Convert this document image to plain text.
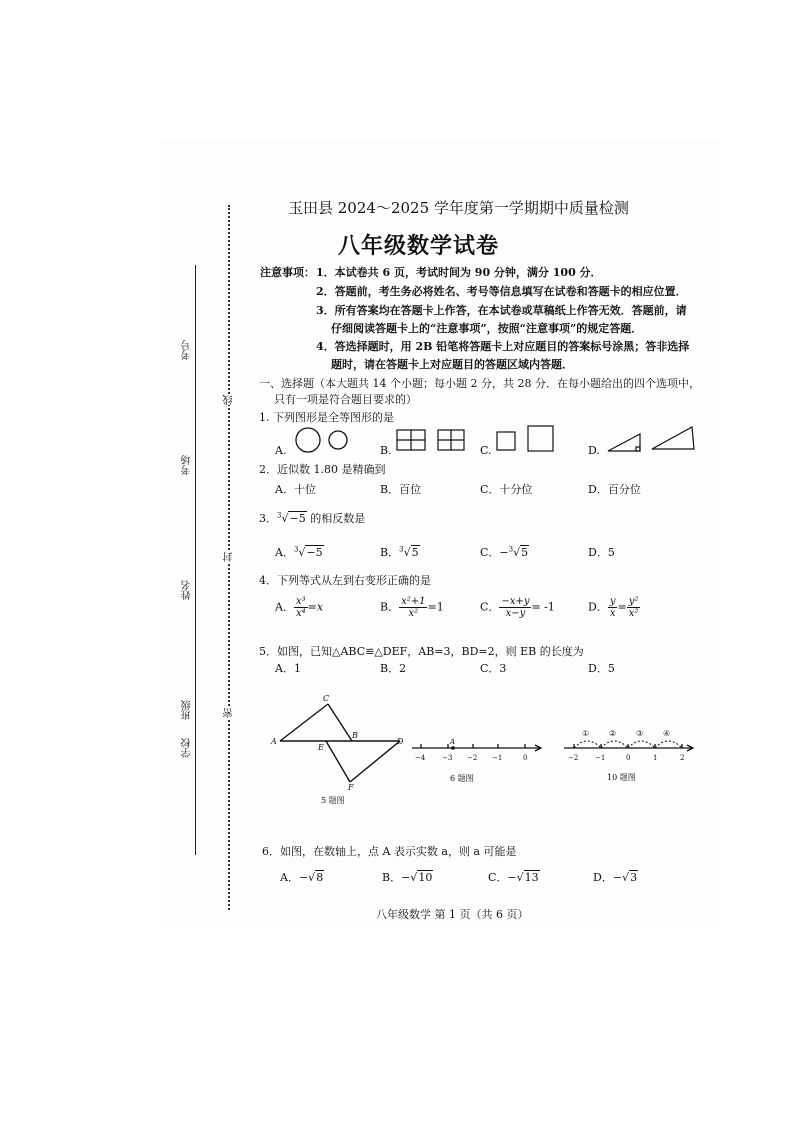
考号
考场
姓名
班级
学校
线
封
密
玉田县 2024～2025 学年度第一学期期中质量检测
八年级数学试卷
注意事项： 1．本试卷共 6 页，考试时间为 90 分钟，满分 100 分．
2．答题前，考生务必将姓名、考号等信息填写在试卷和答题卡的相应位置．
3．所有答案均在答题卡上作答，在本试卷或草稿纸上作答无效．答题前，请
仔细阅读答题卡上的“注意事项”，按照“注意事项”的规定答题．
4．答选择题时，用 2B 铅笔将答题卡上对应题目的答案标号涂黑；答非选择
题时，请在答题卡上对应题目的答题区域内答题．
一、选择题（本大题共 14 个小题；每小题 2 分，共 28 分．在每小题给出的四个选项中，
只有一项是符合题目要求的）
1. 下列图形是全等图形的是
A.	B.	C.	D.
2．近似数 1.80 是精确到
A．十位	B．百位	C．十分位	D．百分位
3．$^3$√−5 的相反数是
A．$^3$√−5	B．$^3$√5	C．−$^3$√5	D．5
4．下列等式从左到右变形正确的是
A． $\frac{\text{x³}}{\text{x⁴}} =x$	B． $\frac{\text{x²+1}}{\text{x²}} =1$	C． $\frac{-x+y}{x-y} = -1$	D． $\frac{y}{x} = \frac{\text{y²}}{\text{x²}}$
5．如图，已知△ABC≌△DEF，AB=3，BD=2，则 EB 的长度为
A．1	B．2	C．3	D．5
C
A
E
B
D
F
5 题图
A
−4 −3 −2 −1	0
6 题图
① ② ③ ④
−2 −1	0	1	2
10 题图
6．如图，在数轴上，点 A 表示实数 a，则 a 可能是
A．−√8	B．−√10	C．−√13	D．−√3
八年级数学 第 1 页（共 6 页）
